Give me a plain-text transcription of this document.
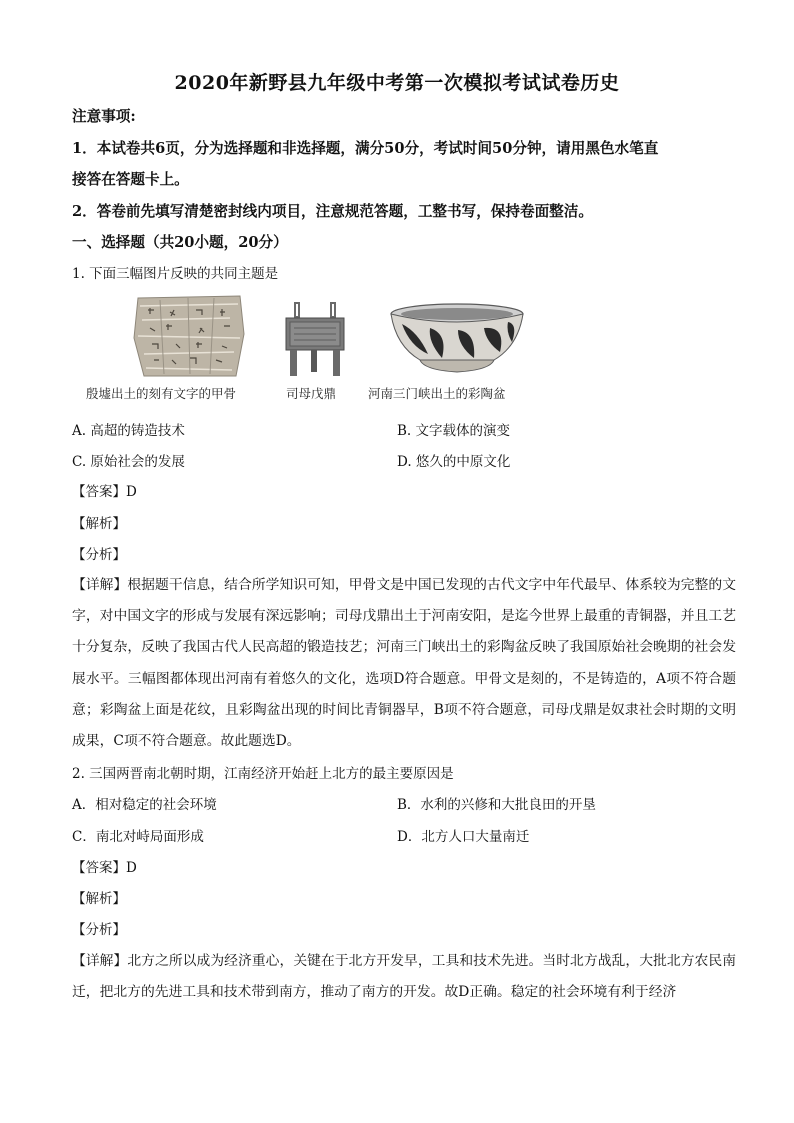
2020年新野县九年级中考第一次模拟考试试卷历史
注意事项:
1．本试卷共6页，分为选择题和非选择题，满分50分，考试时间50分钟，请用黑色水笔直
接答在答题卡上。
2．答卷前先填写清楚密封线内项目，注意规范答题，工整书写，保持卷面整洁。
一、选择题（共20小题，20分）
1. 下面三幅图片反映的共同主题是
殷墟出土的刻有文字的甲骨	司母戊鼎	河南三门峡出土的彩陶盆
A. 高超的铸造技术	B. 文字载体的演变
C. 原始社会的发展	D. 悠久的中原文化
【答案】D
【解析】
【分析】
【详解】根据题干信息，结合所学知识可知，甲骨文是中国已发现的古代文字中年代最早、体系较为完整的文字，对中国文字的形成与发展有深远影响；司母戊鼎出土于河南安阳，是迄今世界上最重的青铜器，并且工艺十分复杂，反映了我国古代人民高超的锻造技艺；河南三门峡出土的彩陶盆反映了我国原始社会晚期的社会发展水平。三幅图都体现出河南有着悠久的文化，选项D符合题意。甲骨文是刻的，不是铸造的，A项不符合题意；彩陶盆上面是花纹，且彩陶盆出现的时间比青铜器早，B项不符合题意，司母戊鼎是奴隶社会时期的文明成果，C项不符合题意。故此题选D。
2. 三国两晋南北朝时期，江南经济开始赶上北方的最主要原因是
A．相对稳定的社会环境	B．水利的兴修和大批良田的开垦
C．南北对峙局面形成	D．北方人口大量南迁
【答案】D
【解析】
【分析】
【详解】北方之所以成为经济重心，关键在于北方开发早，工具和技术先进。当时北方战乱，大批北方农民南迁，把北方的先进工具和技术带到南方，推动了南方的开发。故D正确。稳定的社会环境有利于经济
